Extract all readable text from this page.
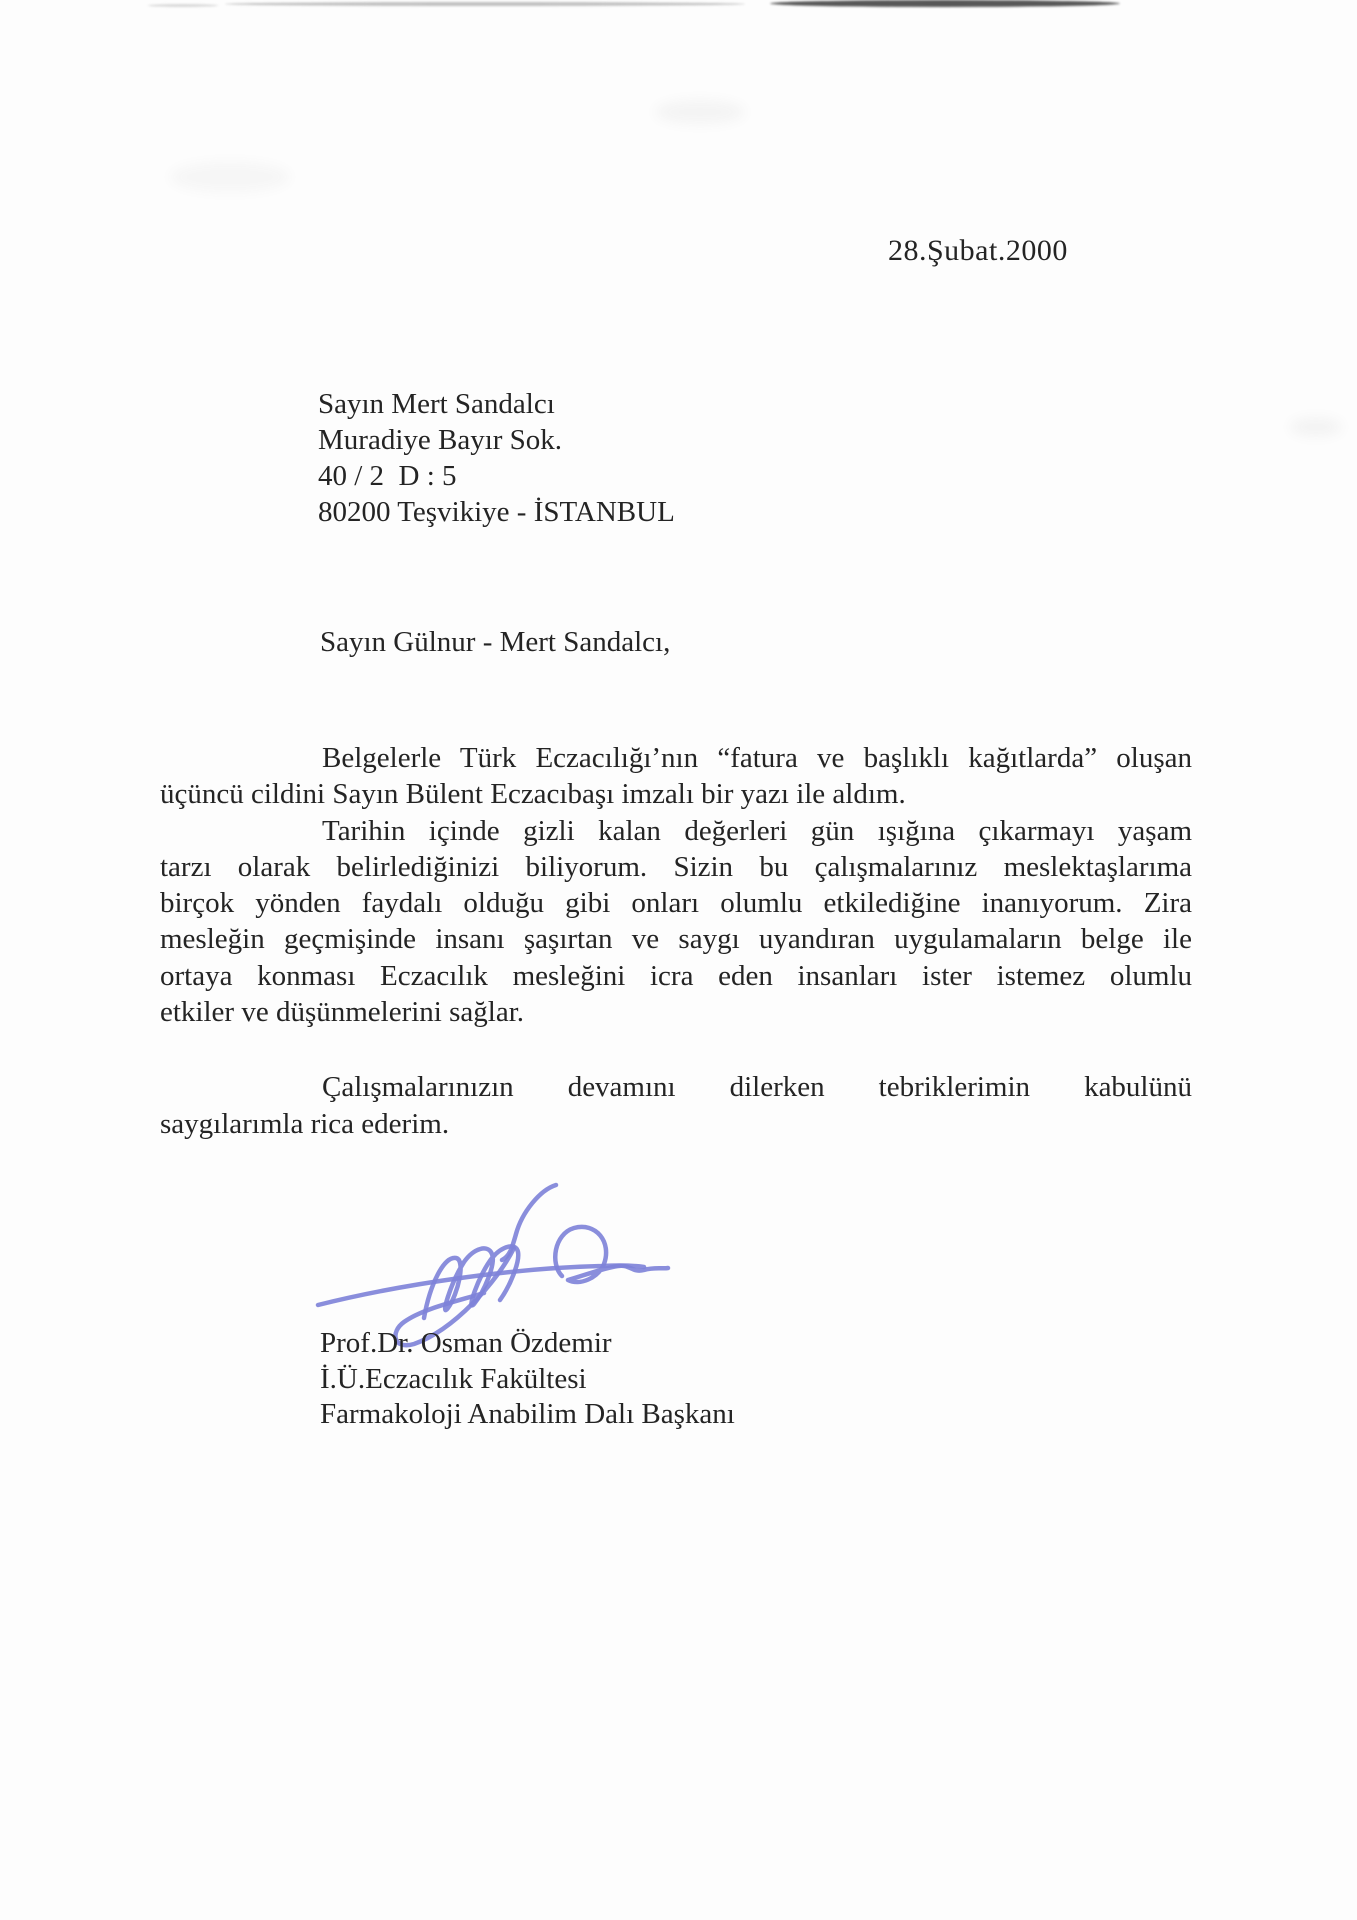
28.Şubat.2000
Sayın Mert Sandalcı
Muradiye Bayır Sok.
40 / 2  D : 5
80200 Teşvikiye - İSTANBUL
Sayın Gülnur - Mert Sandalcı,
Belgelerle Türk Eczacılığı’nın “fatura ve başlıklı kağıtlarda” oluşan
üçüncü cildini Sayın Bülent Eczacıbaşı imzalı bir yazı ile aldım.
Tarihin içinde gizli kalan değerleri gün ışığına çıkarmayı yaşam
tarzı olarak belirlediğinizi biliyorum. Sizin bu çalışmalarınız meslektaşlarıma
birçok yönden faydalı olduğu gibi onları olumlu etkilediğine inanıyorum. Zira
mesleğin geçmişinde insanı şaşırtan ve saygı uyandıran uygulamaların belge ile
ortaya konması Eczacılık mesleğini icra eden insanları ister istemez olumlu
etkiler ve düşünmelerini sağlar.
Çalışmalarınızın devamını dilerken tebriklerimin kabulünü
saygılarımla rica ederim.
Prof.Dr. Osman Özdemir
İ.Ü.Eczacılık Fakültesi
Farmakoloji Anabilim Dalı Başkanı
